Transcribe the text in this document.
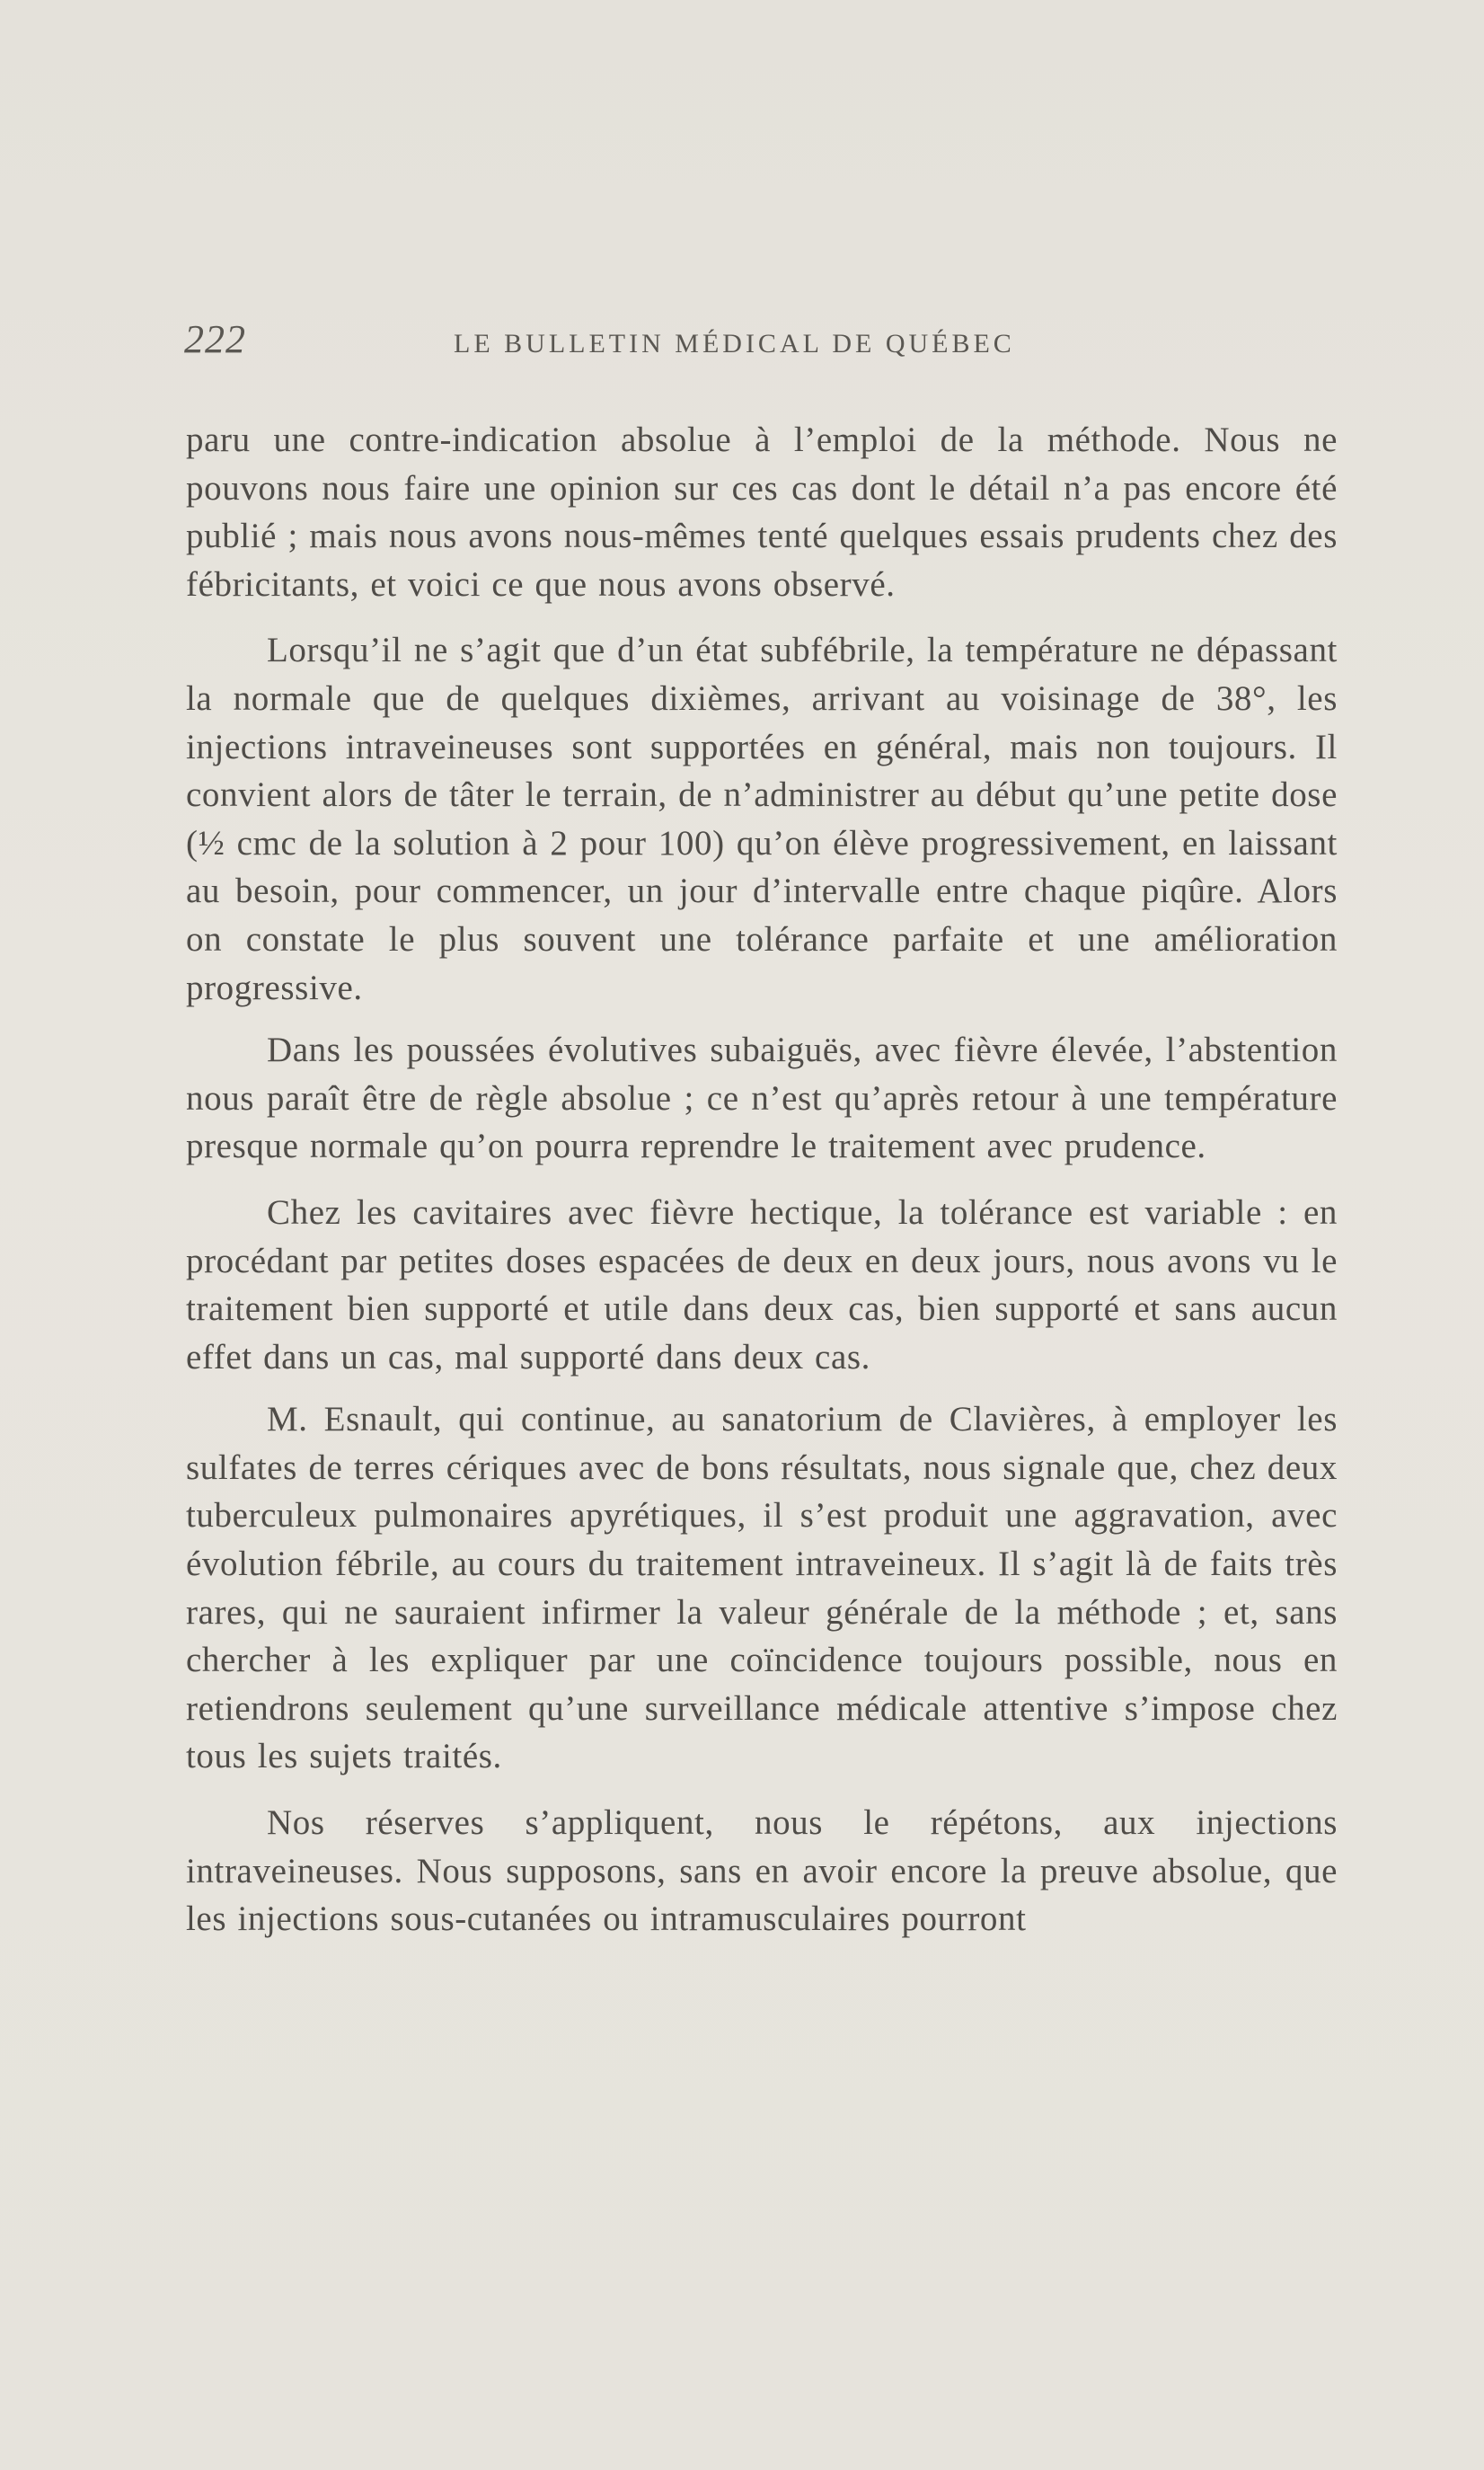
222	LE BULLETIN MÉDICAL DE QUÉBEC

paru une contre-indication absolue à l’emploi de la méthode. Nous ne pouvons nous faire une opinion sur ces cas dont le détail n’a pas encore été publié ; mais nous avons nous-mêmes tenté quelques essais prudents chez des fébricitants, et voici ce que nous avons observé.

Lorsqu’il ne s’agit que d’un état subfébrile, la température ne dépassant la normale que de quelques dixièmes, arrivant au voisinage de 38°, les injections intraveineuses sont supportées en général, mais non toujours. Il convient alors de tâter le terrain, de n’administrer au début qu’une petite dose (½ cmc de la solution à 2 pour 100) qu’on élève progressivement, en laissant au besoin, pour commencer, un jour d’intervalle entre chaque piqûre. Alors on constate le plus souvent une tolérance parfaite et une amélioration progressive.

Dans les poussées évolutives subaiguës, avec fièvre élevée, l’abstention nous paraît être de règle absolue ; ce n’est qu’après retour à une température presque normale qu’on pourra reprendre le traitement avec prudence.

Chez les cavitaires avec fièvre hectique, la tolérance est variable : en procédant par petites doses espacées de deux en deux jours, nous avons vu le traitement bien supporté et utile dans deux cas, bien supporté et sans aucun effet dans un cas, mal supporté dans deux cas.

M. Esnault, qui continue, au sanatorium de Clavières, à employer les sulfates de terres cériques avec de bons résultats, nous signale que, chez deux tuberculeux pulmonaires apyrétiques, il s’est produit une aggravation, avec évolution fébrile, au cours du traitement intraveineux. Il s’agit là de faits très rares, qui ne sauraient infirmer la valeur générale de la méthode ; et, sans chercher à les expliquer par une coïncidence toujours possible, nous en retiendrons seulement qu’une surveillance médicale attentive s’impose chez tous les sujets traités.

Nos réserves s’appliquent, nous le répétons, aux injections intraveineuses. Nous supposons, sans en avoir encore la preuve absolue, que les injections sous-cutanées ou intramusculaires pourront
